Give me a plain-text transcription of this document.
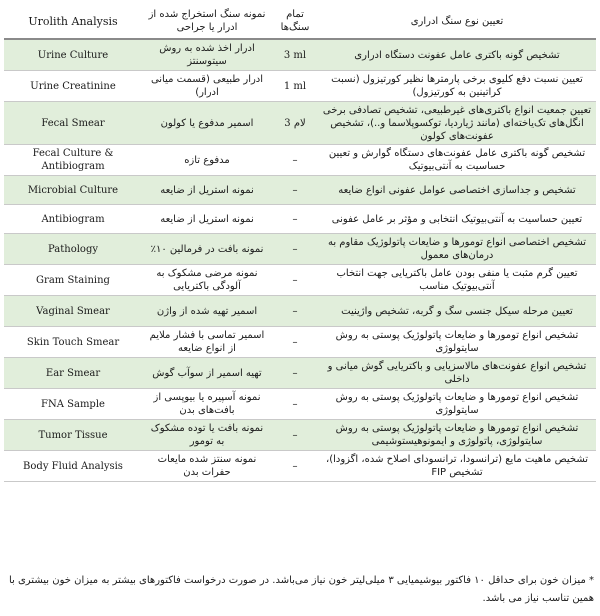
Urolith Analysis	نمونه سنگ استخراج شده از ادرار یا جراحی	تمام سنگ‌ها	تعیین نوع سنگ ادراری
Urine Culture	ادرار اخذ شده به روش سیتوسنتز	3 ml	تشخیص گونه باکتری عامل عفونت دستگاه ادراری
Urine Creatinine	ادرار طبیعی (قسمت میانی ادرار)	1 ml	تعیین نسبت دفع کلیوی برخی پارمترها نظیر کورتیزول (نسبت کراتینین به کورتیزول)
Fecal Smear	اسمیر مدفوع یا کولون	3 لام	تعیین جمعیت انواع باکتری‌های غیرطبیعی، تشخیص تصادفی برخی انگل‌های تک‌یاخته‌ای (مانند ژیاردیا، توکسوپلاسما و..)، تشخیص عفونت‌های کولون
Fecal Culture & Antibiogram	مدفوع تازه	–	تشخیص گونه باکتری عامل عفونت‌های دستگاه گوارش و تعیین حساسیت به آنتی‌بیوتیک
Microbial Culture	نمونه استریل از ضایعه	–	تشخیص و جداسازی اختصاصی عوامل عفونی انواع ضایعه
Antibiogram	نمونه استریل از ضایعه	–	تعیین حساسیت به آنتی‌بیوتیک انتخابی و مؤثر بر عامل عفونی
Pathology	نمونه بافت در فرمالین ۱۰٪	–	تشخیص اختصاصی انواع تومورها و ضایعات پاتولوژیک مقاوم به درمان‌های معمول
Gram Staining	نمونه مرضی مشکوک به آلودگی باکتریایی	–	تعیین گرم مثبت یا منفی بودن عامل باکتریایی جهت انتخاب آنتی‌بیوتیک مناسب
Vaginal Smear	اسمیر تهیه شده از واژن	–	تعیین مرحله سیکل جنسی سگ و گربه، تشخیص واژینیت
Skin Touch Smear	اسمیر تماسی با فشار ملایم از انواع ضایعه	–	تشخیص انواع تومورها و ضایعات پاتولوژیک پوستی به روش سایتولوژی
Ear Smear	تهیه اسمیر از سوآب گوش	–	تشخیص انواع عفونت‌های مالاسزیایی و باکتریایی گوش میانی و داخلی
FNA Sample	نمونه آسپیره یا بیوپسی از بافت‌های بدن	–	تشخیص انواع تومورها و ضایعات پاتولوژیک پوستی به روش سایتولوژی
Tumor Tissue	نمونه بافت یا توده مشکوک به تومور	–	تشخیص انواع تومورها و ضایعات پاتولوژیک پوستی به روش سایتولوژی، پاتولوژی و ایمونوهیستوشیمی
Body Fluid Analysis	نمونه سنتز شده مایعات حفرات بدن	–	تشخیص ماهیت مایع (ترانسودا، ترانسودای اصلاح شده، اگزودا)، تشخیص FIP
* میزان خون برای حداقل ۱۰ فاکتور بیوشیمیایی ۳ میلی‌لیتر خون نیاز می‌باشد. در صورت درخواست فاکتورهای بیشتر به میزان خون بیشتری با همین تناسب نیاز می باشد.
